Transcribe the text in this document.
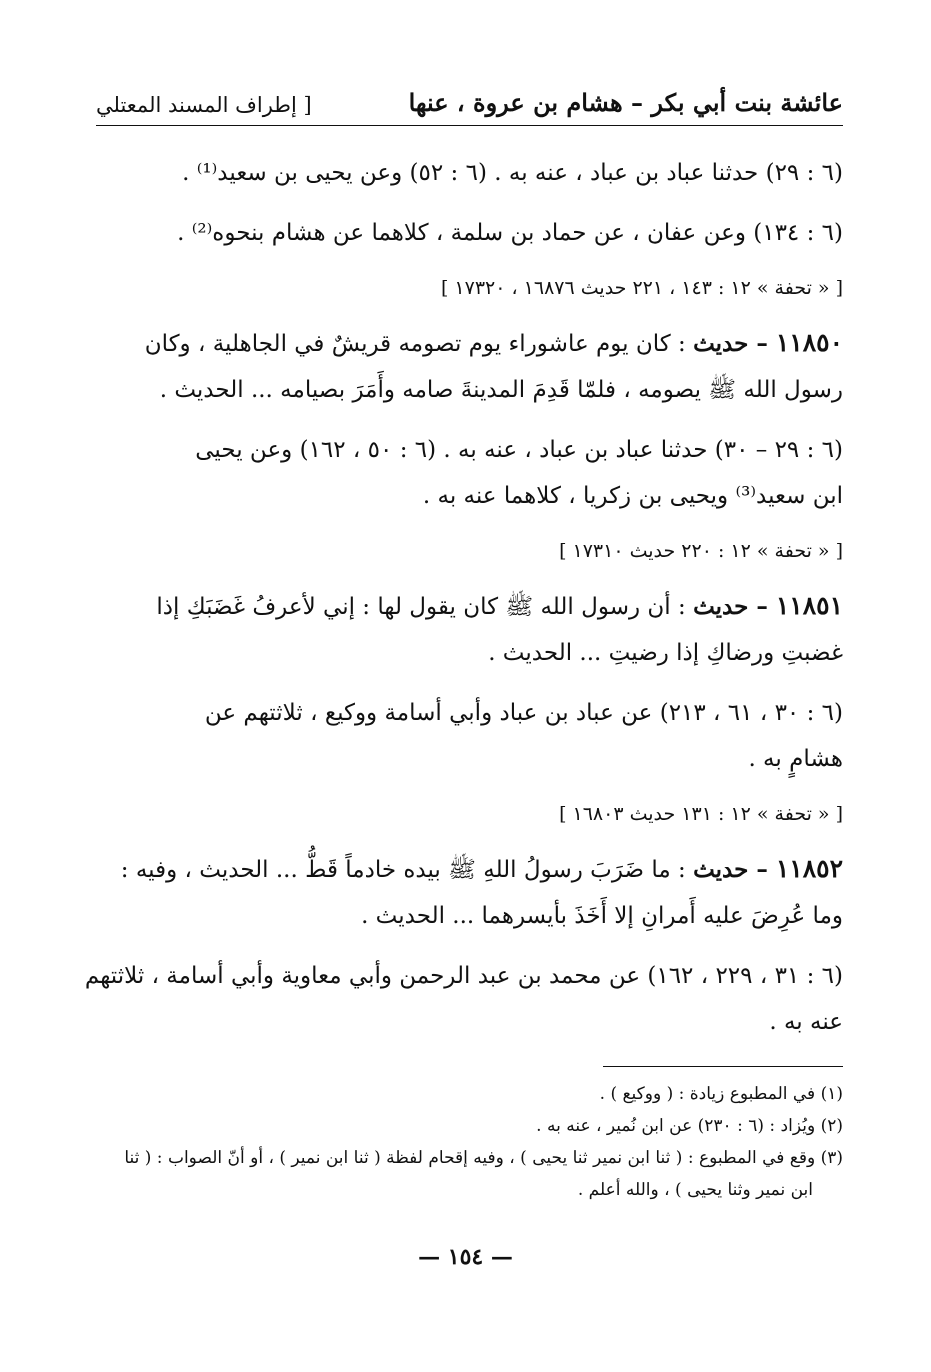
عائشة بنت أبي بكر – هشام بن عروة ، عنها
[ إطراف المسند المعتلي
(٦ : ٢٩) حدثنا عباد بن عباد ، عنه به . (٦ : ٥٢) وعن يحيى بن سعيد⁽¹⁾ .
(٦ : ١٣٤) وعن عفان ، عن حماد بن سلمة ، كلاهما عن هشام بنحوه⁽²⁾ .
[ « تحفة » ١٢ : ١٤٣ ، ٢٢١ حديث ١٦٨٧٦ ، ١٧٣٢٠ ]
١١٨٥٠ – حديث : كان يوم عاشوراء يوم تصومه قريشٌ في الجاهلية ، وكان
رسول الله ﷺ يصومه ، فلمّا قَدِمَ المدينةَ صامه وأَمَرَ بصيامه ... الحديث .
(٦ : ٢٩ – ٣٠) حدثنا عباد بن عباد ، عنه به . (٦ : ٥٠ ، ١٦٢) وعن يحيى
ابن سعيد⁽³⁾ ويحيى بن زكريا ، كلاهما عنه به .
[ « تحفة » ١٢ : ٢٢٠ حديث ١٧٣١٠ ]
١١٨٥١ – حديث : أن رسول الله ﷺ كان يقول لها : إني لأعرفُ غَضَبَكِ إذا
غضبتِ ورضاكِ إذا رضيتِ ... الحديث .
(٦ : ٣٠ ، ٦١ ، ٢١٣) عن عباد بن عباد وأبي أسامة ووكيع ، ثلاثتهم عن
هشامٍ به .
[ « تحفة » ١٢ : ١٣١ حديث ١٦٨٠٣ ]
١١٨٥٢ – حديث : ما ضَرَبَ رسولُ اللهِ ﷺ بيده خادماً قَطُّ ... الحديث ، وفيه :
وما عُرِضَ عليه أَمرانِ إلا أَخَذَ بأيسرهما ... الحديث .
(٦ : ٣١ ، ٢٢٩ ، ١٦٢) عن محمد بن عبد الرحمن وأبي معاوية وأبي أسامة ، ثلاثتهم
عنه به .
(١) في المطبوع زيادة : ( ووكيع ) .
(٢) ويُزاد : (٦ : ٢٣٠) عن ابن نُمير ، عنه به .
(٣) وقع في المطبوع : ( ثنا ابن نمير ثنا يحيى ) ، وفيه إقحام لفظة ( ثنا ابن نمير ) ، أو أنّ الصواب : ( ثنا
ابن نمير وثنا يحيى ) ، والله أعلم .
— ١٥٤ —
